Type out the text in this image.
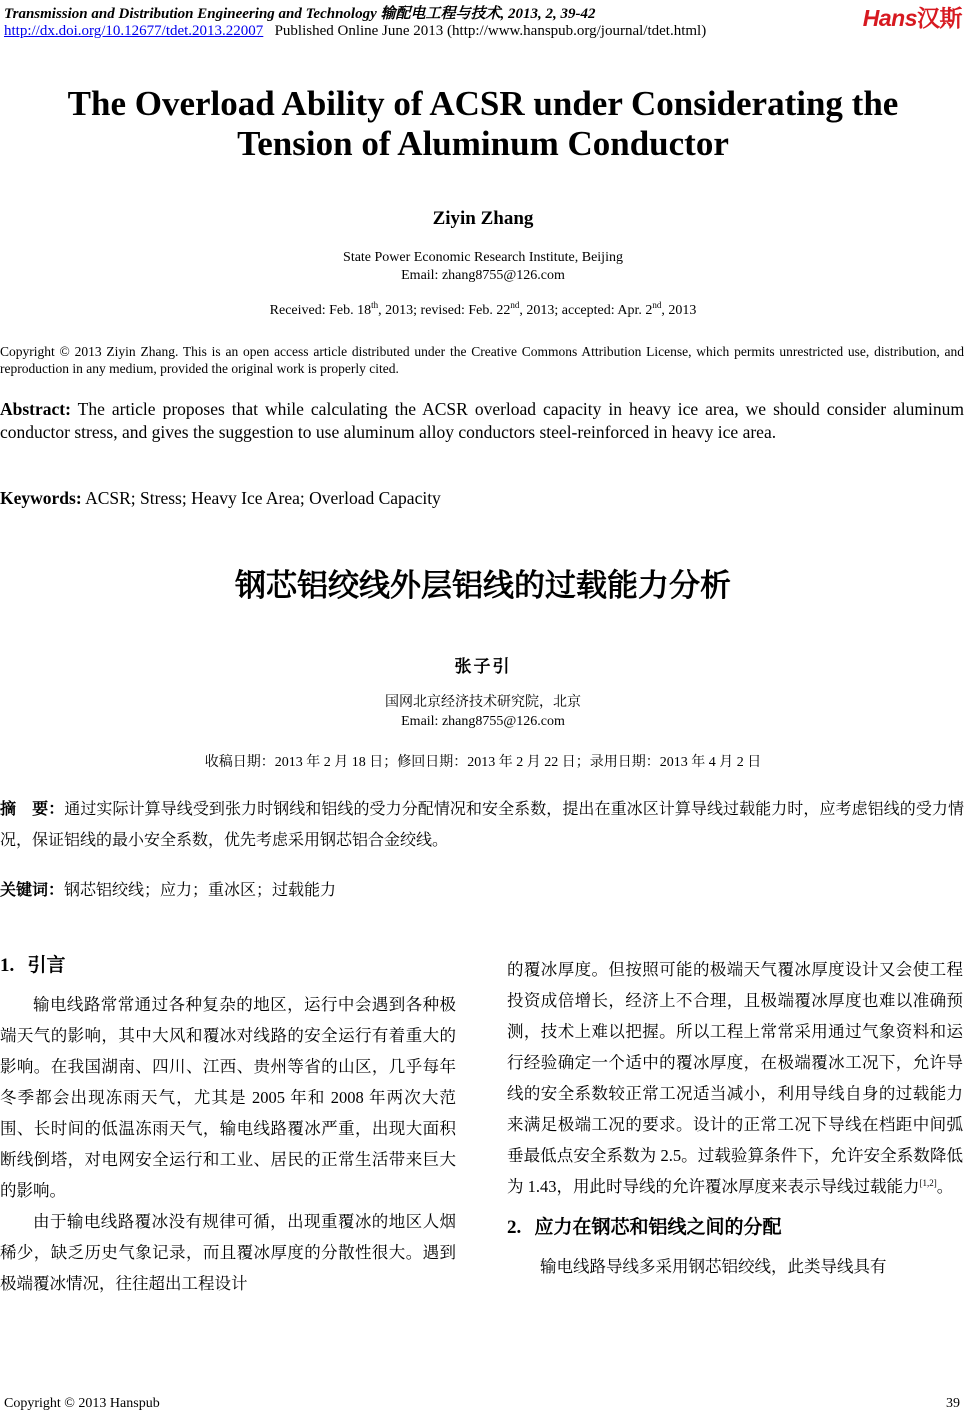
Transmission and Distribution Engineering and Technology 输配电工程与技术, 2013, 2, 39-42
http://dx.doi.org/10.12677/tdet.2013.22007 Published Online June 2013 (http://www.hanspub.org/journal/tdet.html)	Hans汉斯
The Overload Ability of ACSR under Considerating the
Tension of Aluminum Conductor
Ziyin Zhang
State Power Economic Research Institute, Beijing
Email: zhang8755@126.com
Received: Feb. 18th, 2013; revised: Feb. 22nd, 2013; accepted: Apr. 2nd, 2013
Copyright © 2013 Ziyin Zhang. This is an open access article distributed under the Creative Commons Attribution License, which permits unrestricted use, distribution, and reproduction in any medium, provided the original work is properly cited.
Abstract: The article proposes that while calculating the ACSR overload capacity in heavy ice area, we should consider aluminum conductor stress, and gives the suggestion to use aluminum alloy conductors steel-reinforced in heavy ice area.
Keywords: ACSR; Stress; Heavy Ice Area; Overload Capacity
钢芯铝绞线外层铝线的过载能力分析
张子引
国网北京经济技术研究院，北京
Email: zhang8755@126.com
收稿日期：2013 年 2 月 18 日；修回日期：2013 年 2 月 22 日；录用日期：2013 年 4 月 2 日
摘　要：通过实际计算导线受到张力时钢线和铝线的受力分配情况和安全系数，提出在重冰区计算导线过载能力时，应考虑铝线的受力情况，保证铝线的最小安全系数，优先考虑采用钢芯铝合金绞线。
关键词：钢芯铝绞线；应力；重冰区；过载能力

1. 引言

输电线路常常通过各种复杂的地区，运行中会遇到各种极端天气的影响，其中大风和覆冰对线路的安全运行有着重大的影响。在我国湖南、四川、江西、贵州等省的山区，几乎每年冬季都会出现冻雨天气，尤其是 2005 年和 2008 年两次大范围、长时间的低温冻雨天气，输电线路覆冰严重，出现大面积断线倒塔，对电网安全运行和工业、居民的正常生活带来巨大的影响。

由于输电线路覆冰没有规律可循，出现重覆冰的地区人烟稀少，缺乏历史气象记录，而且覆冰厚度的分散性很大。遇到极端覆冰情况，往往超出工程设计

的覆冰厚度。但按照可能的极端天气覆冰厚度设计又会使工程投资成倍增长，经济上不合理，且极端覆冰厚度也难以准确预测，技术上难以把握。所以工程上常常采用通过气象资料和运行经验确定一个适中的覆冰厚度，在极端覆冰工况下，允许导线的安全系数较正常工况适当减小，利用导线自身的过载能力来满足极端工况的要求。设计的正常工况下导线在档距中间弧垂最低点安全系数为 2.5。过载验算条件下，允许安全系数降低为 1.43，用此时导线的允许覆冰厚度来表示导线过载能力[1,2]。

2. 应力在钢芯和铝线之间的分配

输电线路导线多采用钢芯铝绞线，此类导线具有

Copyright © 2013 Hanspub	39
